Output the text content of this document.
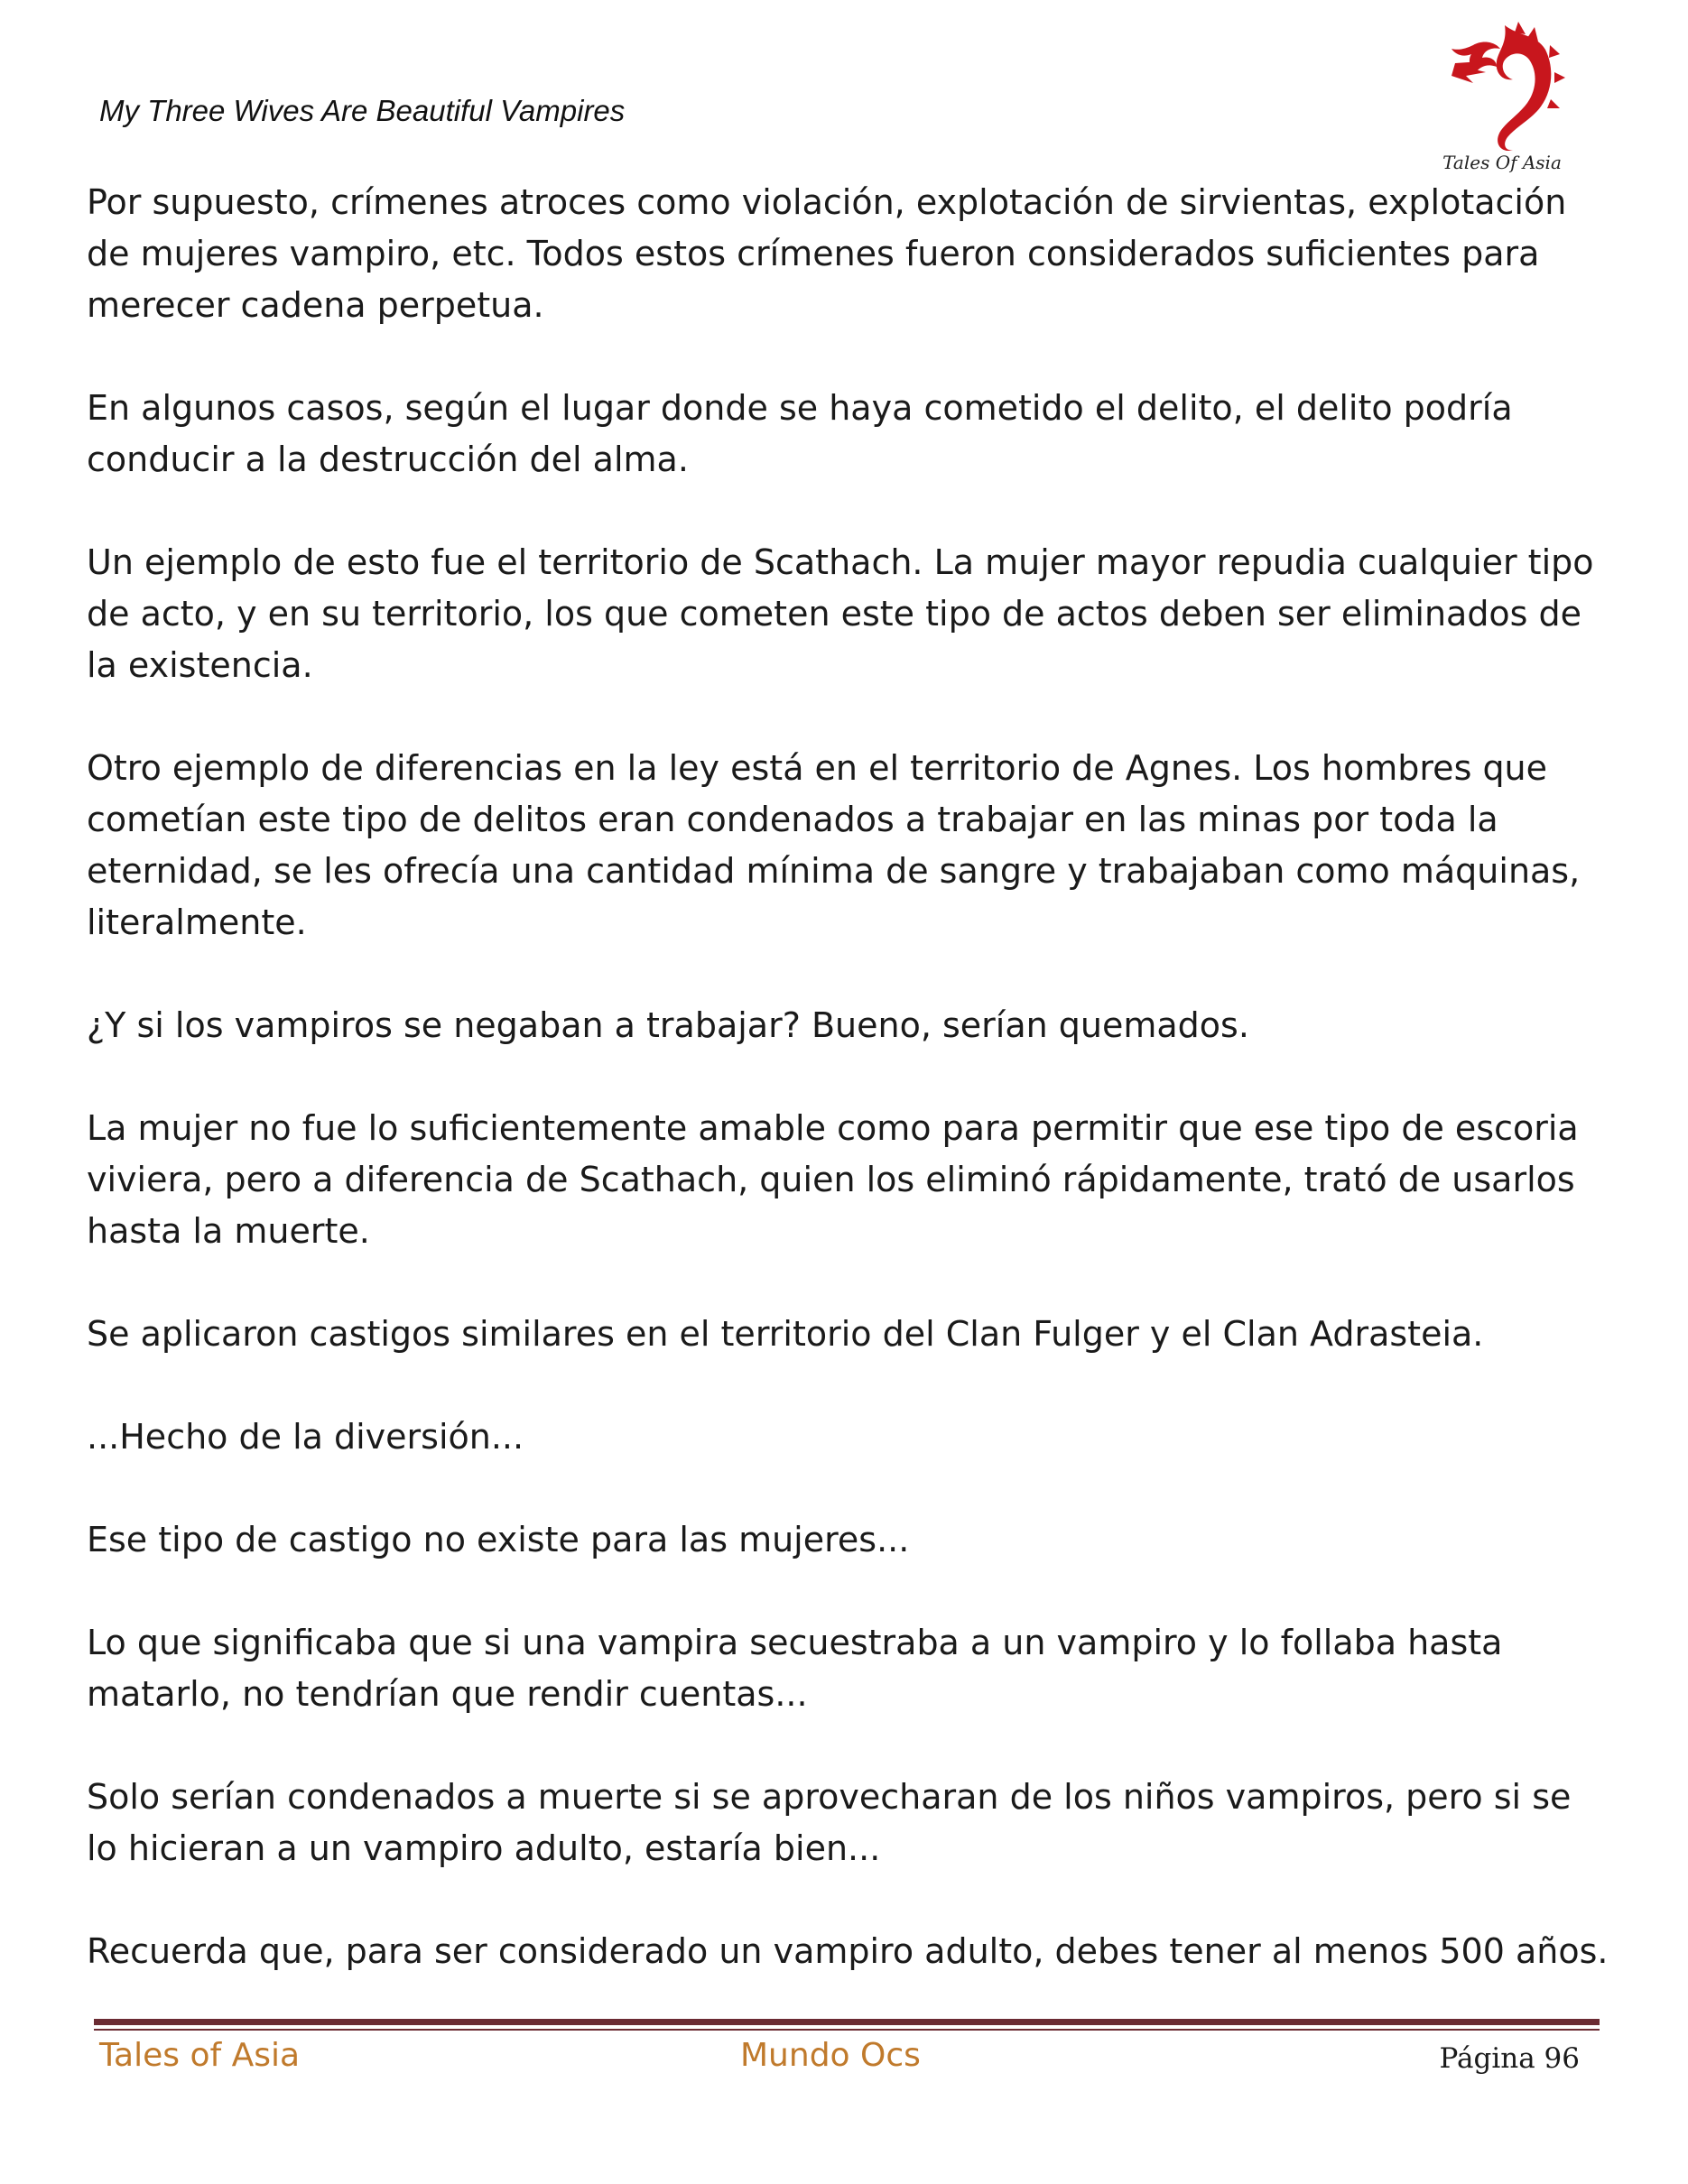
My Three Wives Are Beautiful Vampires
Tales Of Asia

Por supuesto, crímenes atroces como violación, explotación de sirvientas, explotación de mujeres vampiro, etc. Todos estos crímenes fueron considerados suficientes para merecer cadena perpetua.

En algunos casos, según el lugar donde se haya cometido el delito, el delito podría conducir a la destrucción del alma.

Un ejemplo de esto fue el territorio de Scathach. La mujer mayor repudia cualquier tipo de acto, y en su territorio, los que cometen este tipo de actos deben ser eliminados de la existencia.

Otro ejemplo de diferencias en la ley está en el territorio de Agnes. Los hombres que cometían este tipo de delitos eran condenados a trabajar en las minas por toda la eternidad, se les ofrecía una cantidad mínima de sangre y trabajaban como máquinas, literalmente.

¿Y si los vampiros se negaban a trabajar? Bueno, serían quemados.

La mujer no fue lo suficientemente amable como para permitir que ese tipo de escoria viviera, pero a diferencia de Scathach, quien los eliminó rápidamente, trató de usarlos hasta la muerte.

Se aplicaron castigos similares en el territorio del Clan Fulger y el Clan Adrasteia.

...Hecho de la diversión...

Ese tipo de castigo no existe para las mujeres...

Lo que significaba que si una vampira secuestraba a un vampiro y lo follaba hasta matarlo, no tendrían que rendir cuentas...

Solo serían condenados a muerte si se aprovecharan de los niños vampiros, pero si se lo hicieran a un vampiro adulto, estaría bien...

Recuerda que, para ser considerado un vampiro adulto, debes tener al menos 500 años.

Tales of Asia	Mundo Ocs	Página 96
